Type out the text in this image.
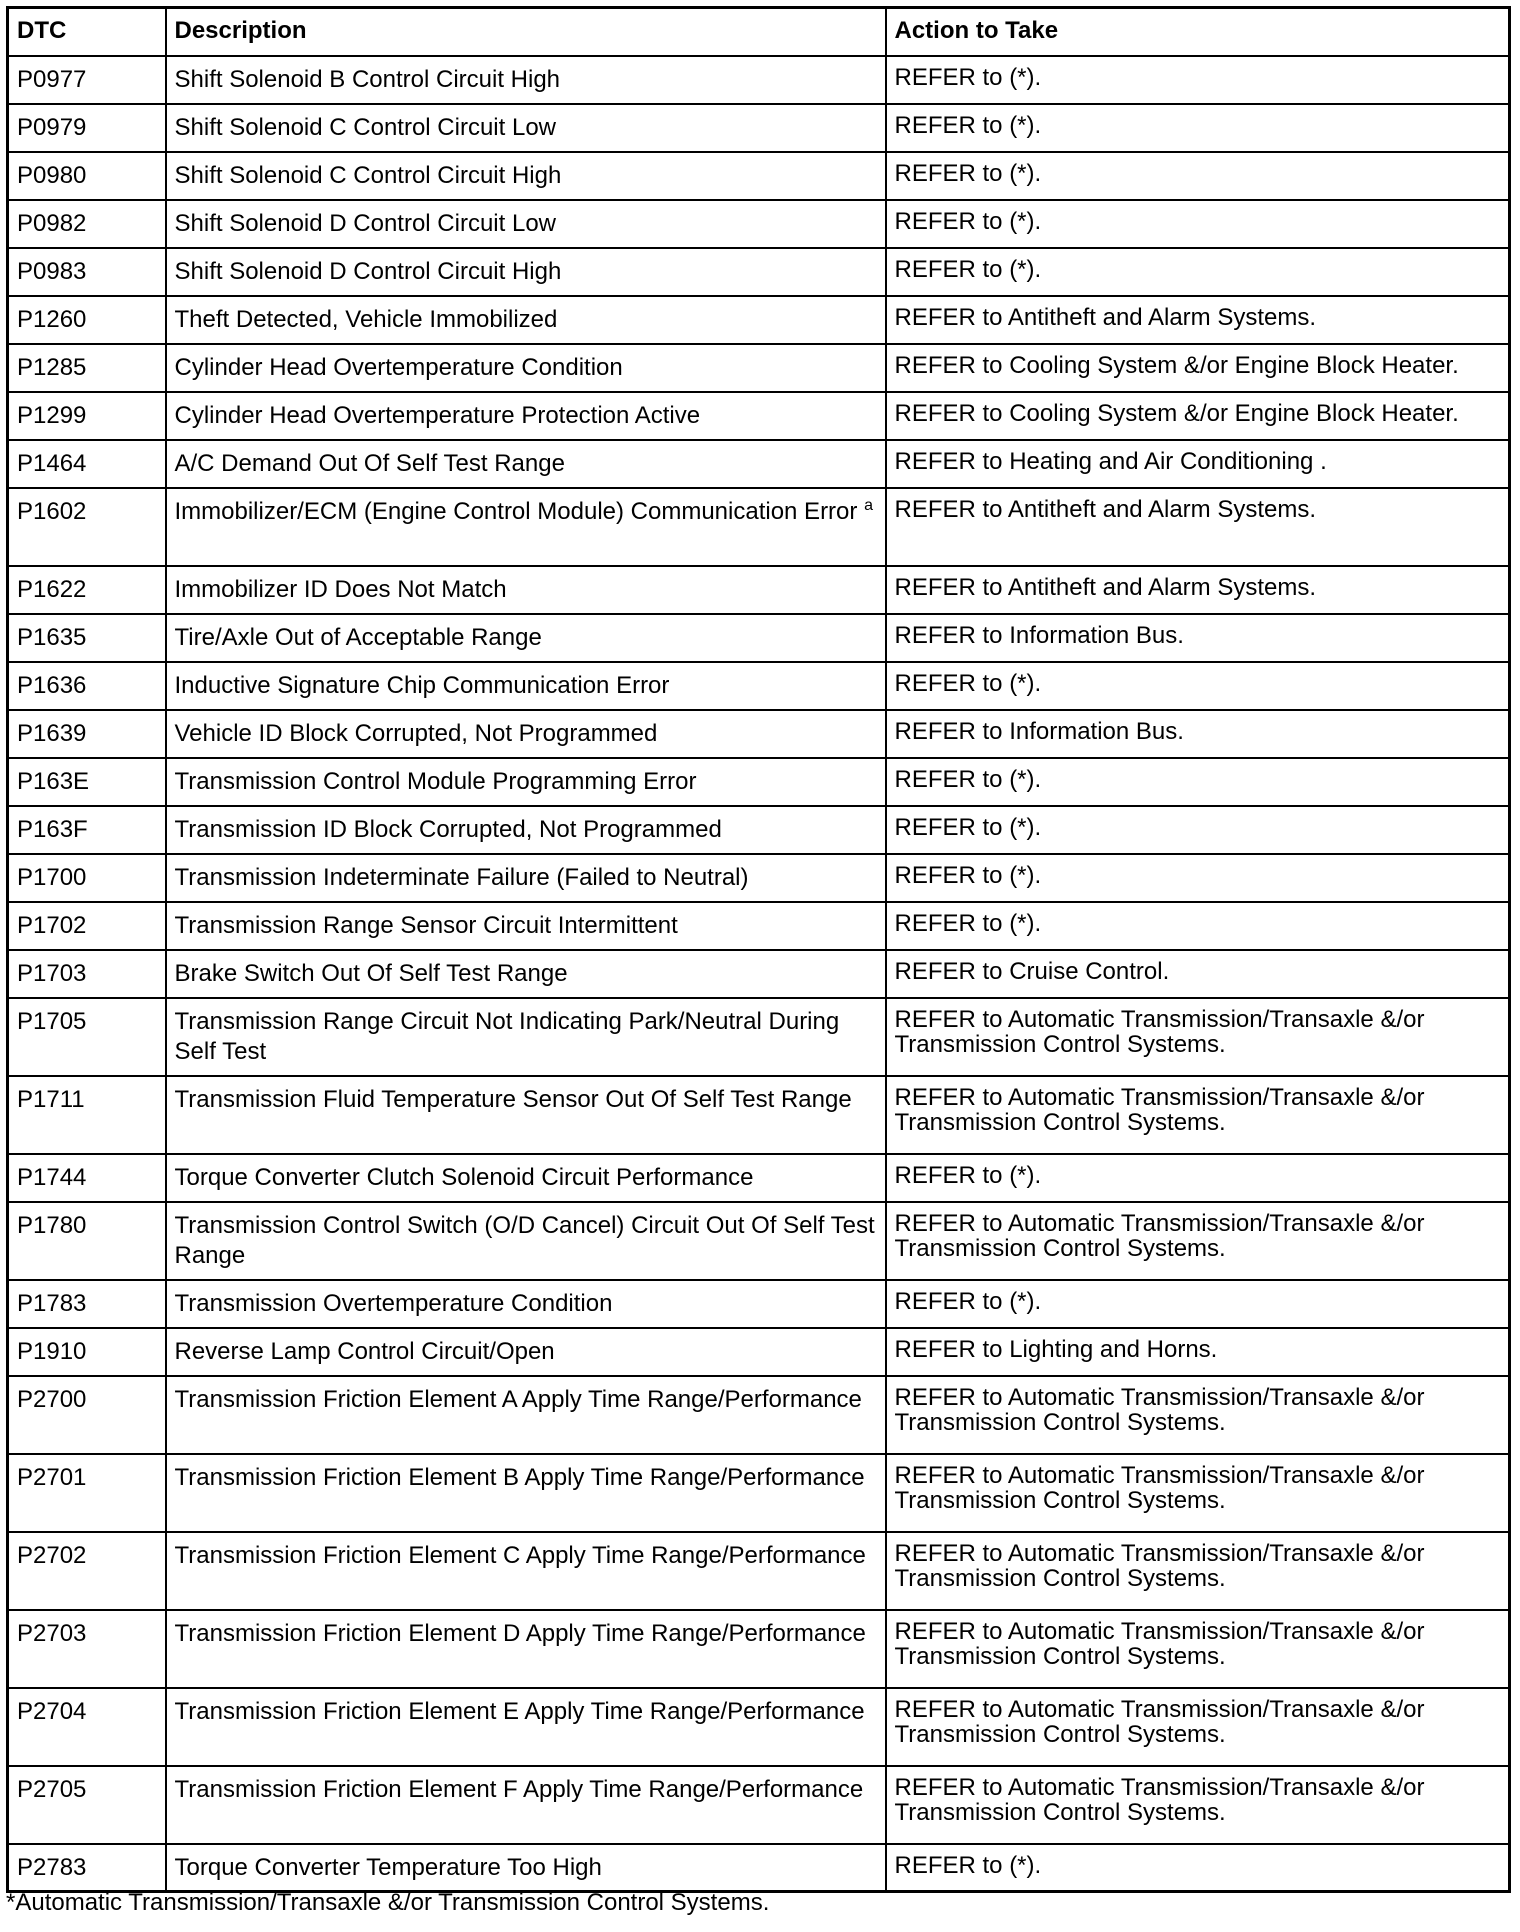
DTC	Description	Action to Take
P0977	Shift Solenoid B Control Circuit High	REFER to (*).
P0979	Shift Solenoid C Control Circuit Low	REFER to (*).
P0980	Shift Solenoid C Control Circuit High	REFER to (*).
P0982	Shift Solenoid D Control Circuit Low	REFER to (*).
P0983	Shift Solenoid D Control Circuit High	REFER to (*).
P1260	Theft Detected, Vehicle Immobilized	REFER to Antitheft and Alarm Systems.
P1285	Cylinder Head Overtemperature Condition	REFER to Cooling System &/or Engine Block Heater.
P1299	Cylinder Head Overtemperature Protection Active	REFER to Cooling System &/or Engine Block Heater.
P1464	A/C Demand Out Of Self Test Range	REFER to Heating and Air Conditioning .
P1602	Immobilizer/ECM (Engine Control Module) Communication Error $^a$	REFER to Antitheft and Alarm Systems.
P1622	Immobilizer ID Does Not Match	REFER to Antitheft and Alarm Systems.
P1635	Tire/Axle Out of Acceptable Range	REFER to Information Bus.
P1636	Inductive Signature Chip Communication Error	REFER to (*).
P1639	Vehicle ID Block Corrupted, Not Programmed	REFER to Information Bus.
P163E	Transmission Control Module Programming Error	REFER to (*).
P163F	Transmission ID Block Corrupted, Not Programmed	REFER to (*).
P1700	Transmission Indeterminate Failure (Failed to Neutral)	REFER to (*).
P1702	Transmission Range Sensor Circuit Intermittent	REFER to (*).
P1703	Brake Switch Out Of Self Test Range	REFER to Cruise Control.
P1705	Transmission Range Circuit Not Indicating Park/Neutral During Self Test	REFER to Automatic Transmission/Transaxle &/or Transmission Control Systems.
P1711	Transmission Fluid Temperature Sensor Out Of Self Test Range	REFER to Automatic Transmission/Transaxle &/or Transmission Control Systems.
P1744	Torque Converter Clutch Solenoid Circuit Performance	REFER to (*).
P1780	Transmission Control Switch (O/D Cancel) Circuit Out Of Self Test Range	REFER to Automatic Transmission/Transaxle &/or Transmission Control Systems.
P1783	Transmission Overtemperature Condition	REFER to (*).
P1910	Reverse Lamp Control Circuit/Open	REFER to Lighting and Horns.
P2700	Transmission Friction Element A Apply Time Range/Performance	REFER to Automatic Transmission/Transaxle &/or Transmission Control Systems.
P2701	Transmission Friction Element B Apply Time Range/Performance	REFER to Automatic Transmission/Transaxle &/or Transmission Control Systems.
P2702	Transmission Friction Element C Apply Time Range/Performance	REFER to Automatic Transmission/Transaxle &/or Transmission Control Systems.
P2703	Transmission Friction Element D Apply Time Range/Performance	REFER to Automatic Transmission/Transaxle &/or Transmission Control Systems.
P2704	Transmission Friction Element E Apply Time Range/Performance	REFER to Automatic Transmission/Transaxle &/or Transmission Control Systems.
P2705	Transmission Friction Element F Apply Time Range/Performance	REFER to Automatic Transmission/Transaxle &/or Transmission Control Systems.
P2783	Torque Converter Temperature Too High	REFER to (*).
*Automatic Transmission/Transaxle &/or Transmission Control Systems.
